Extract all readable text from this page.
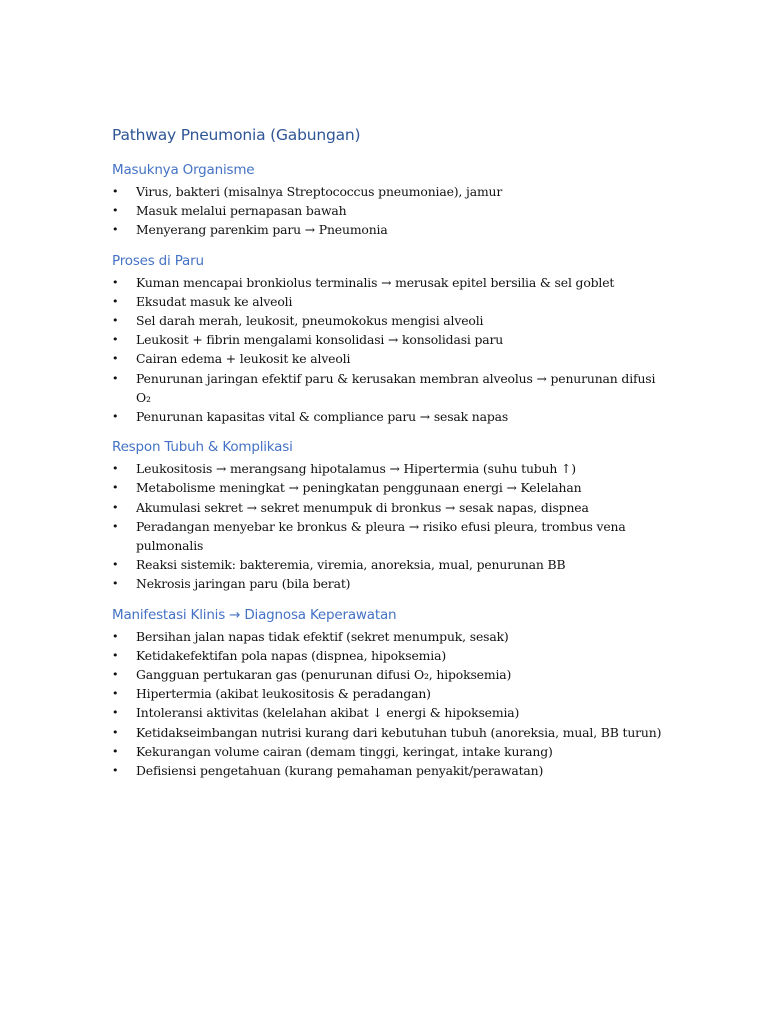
Pathway Pneumonia (Gabungan)
Masuknya Organisme
• Virus, bakteri (misalnya Streptococcus pneumoniae), jamur
• Masuk melalui pernapasan bawah
• Menyerang parenkim paru → Pneumonia
Proses di Paru
• Kuman mencapai bronkiolus terminalis → merusak epitel bersilia & sel goblet
• Eksudat masuk ke alveoli
• Sel darah merah, leukosit, pneumokokus mengisi alveoli
• Leukosit + fibrin mengalami konsolidasi → konsolidasi paru
• Cairan edema + leukosit ke alveoli
• Penurunan jaringan efektif paru & kerusakan membran alveolus → penurunan difusi O₂
• Penurunan kapasitas vital & compliance paru → sesak napas
Respon Tubuh & Komplikasi
• Leukositosis → merangsang hipotalamus → Hipertermia (suhu tubuh ↑)
• Metabolisme meningkat → peningkatan penggunaan energi → Kelelahan
• Akumulasi sekret → sekret menumpuk di bronkus → sesak napas, dispnea
• Peradangan menyebar ke bronkus & pleura → risiko efusi pleura, trombus vena pulmonalis
• Reaksi sistemik: bakteremia, viremia, anoreksia, mual, penurunan BB
• Nekrosis jaringan paru (bila berat)
Manifestasi Klinis → Diagnosa Keperawatan
• Bersihan jalan napas tidak efektif (sekret menumpuk, sesak)
• Ketidakefektifan pola napas (dispnea, hipoksemia)
• Gangguan pertukaran gas (penurunan difusi O₂, hipoksemia)
• Hipertermia (akibat leukositosis & peradangan)
• Intoleransi aktivitas (kelelahan akibat ↓ energi & hipoksemia)
• Ketidakseimbangan nutrisi kurang dari kebutuhan tubuh (anoreksia, mual, BB turun)
• Kekurangan volume cairan (demam tinggi, keringat, intake kurang)
• Defisiensi pengetahuan (kurang pemahaman penyakit/perawatan)
